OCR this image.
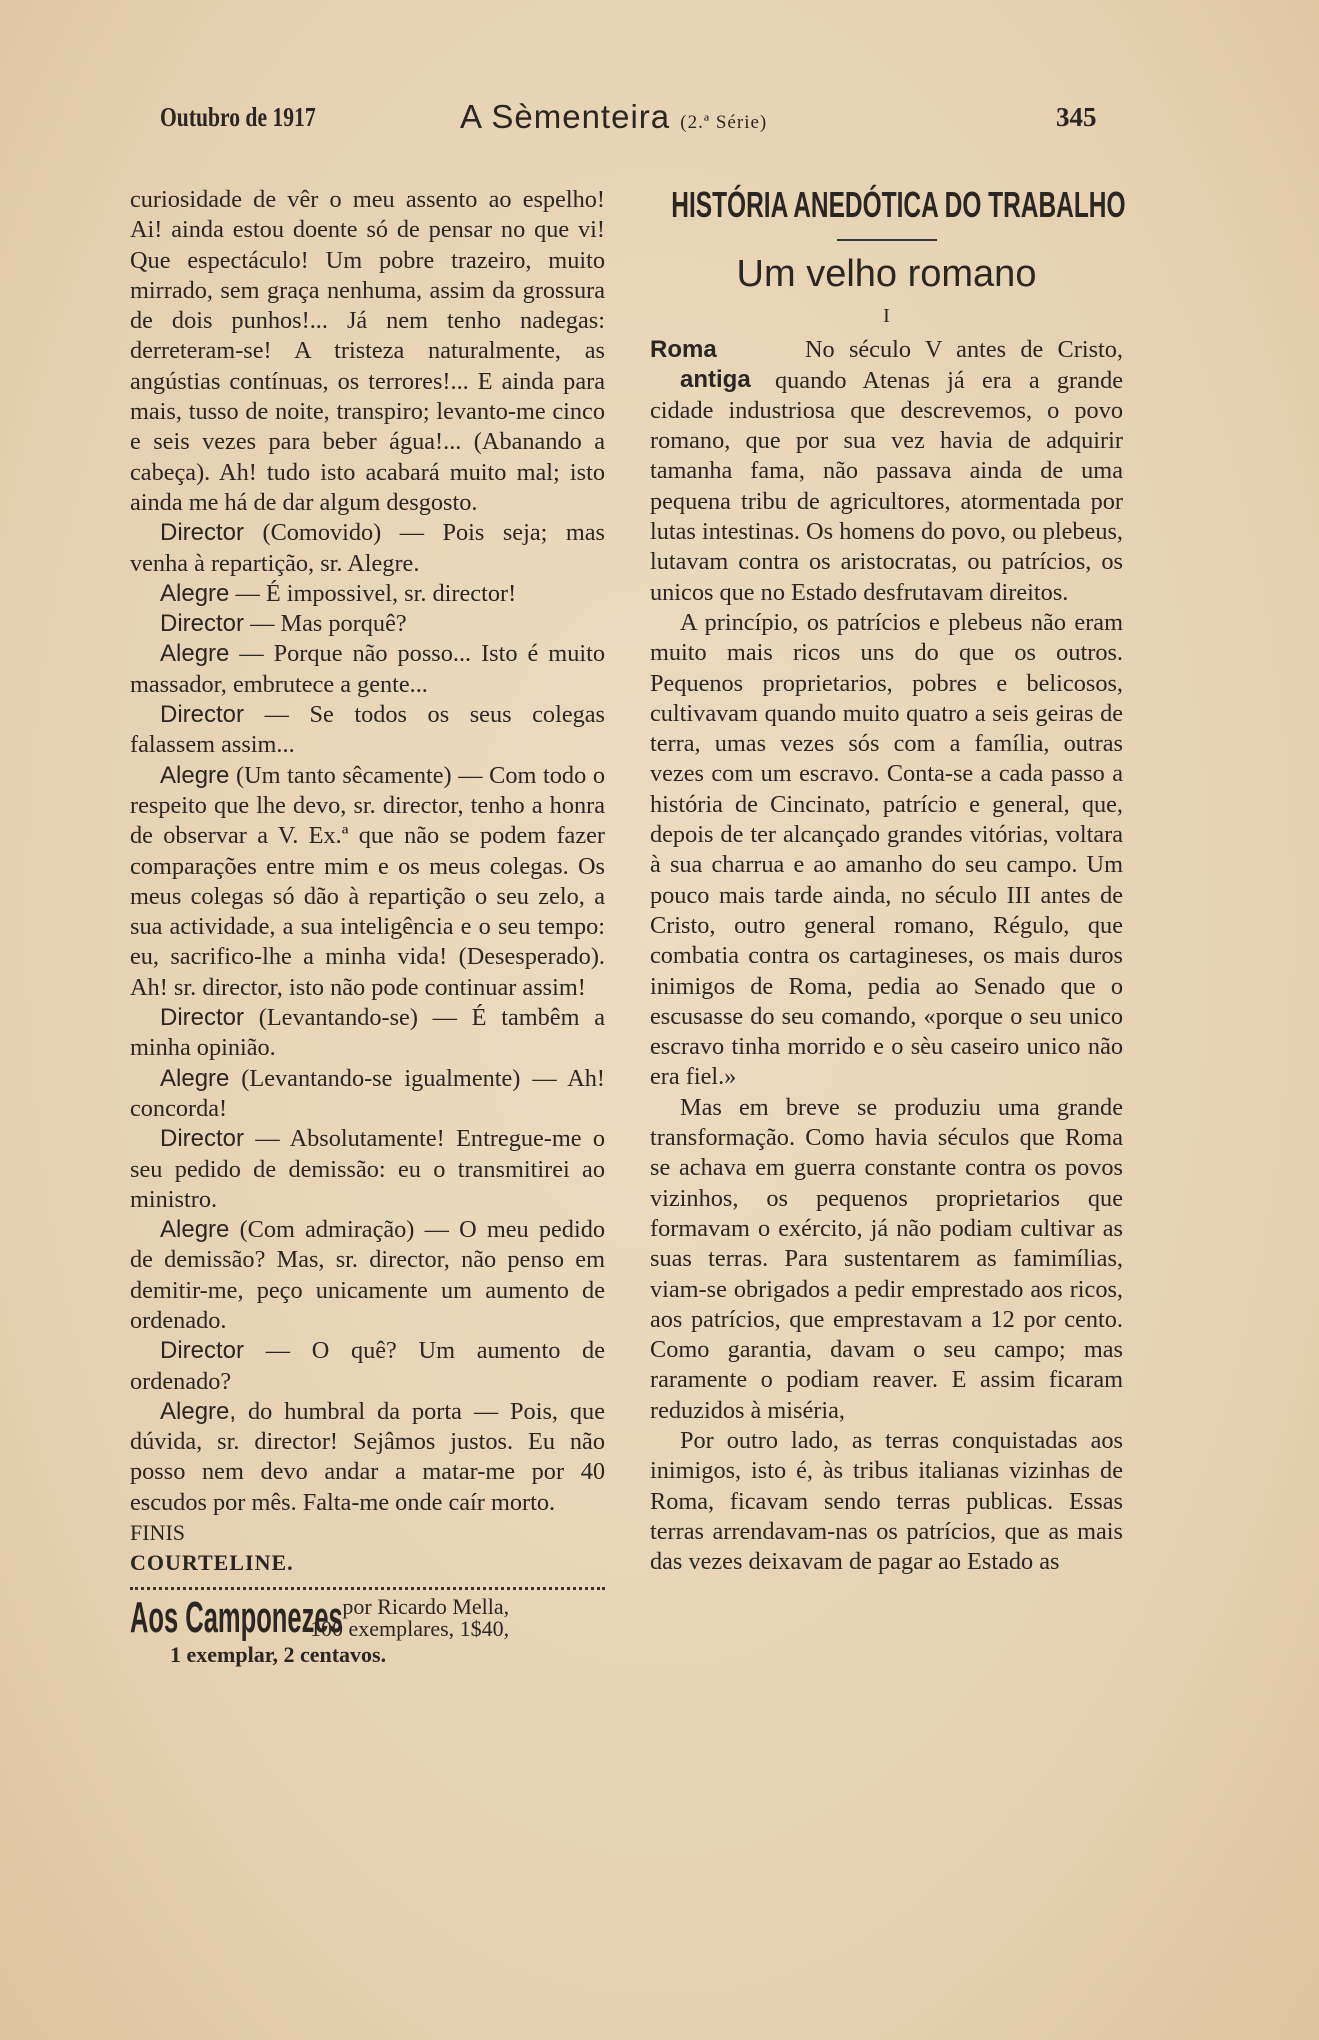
Outubro de 1917	A Sèmenteira (2.ª Série)	345

curiosidade de vêr o meu assento ao espelho! Ai! ainda estou doente só de pensar no que vi! Que espectáculo! Um pobre trazeiro, muito mirrado, sem graça nenhuma, assim da grossura de dois punhos!... Já nem tenho nadegas: derreteram-se! A tristeza naturalmente, as angústias contínuas, os terrores!... E ainda para mais, tusso de noite, transpiro; levanto-me cinco e seis vezes para beber água!... (Abanando a cabeça). Ah! tudo isto acabará muito mal; isto ainda me há de dar algum desgosto.

Director (Comovido) — Pois seja; mas venha à repartição, sr. Alegre.

Alegre — É impossivel, sr. director!

Director — Mas porquê?

Alegre — Porque não posso... Isto é muito massador, embrutece a gente...

Director — Se todos os seus colegas falassem assim...

Alegre (Um tanto sêcamente) — Com todo o respeito que lhe devo, sr. director, tenho a honra de observar a V. Ex.ª que não se podem fazer comparações entre mim e os meus colegas. Os meus colegas só dão à repartição o seu zelo, a sua actividade, a sua inteligência e o seu tempo: eu, sacrifico-lhe a minha vida! (Desesperado). Ah! sr. director, isto não pode continuar assim!

Director (Levantando-se) — É tambêm a minha opinião.

Alegre (Levantando-se igualmente) — Ah! concorda!

Director — Absolutamente! Entregue-me o seu pedido de demissão: eu o transmitirei ao ministro.

Alegre (Com admiração) — O meu pedido de demissão? Mas, sr. director, não penso em demitir-me, peço unicamente um aumento de ordenado.

Director — O quê? Um aumento de ordenado?

Alegre, do humbral da porta — Pois, que dúvida, sr. director! Sejâmos justos. Eu não posso nem devo andar a matar-me por 40 escudos por mês. Falta-me onde caír morto.

FINIS

COURTELINE.

Aos Camponezes por Ricardo Mella,
100 exemplares, 1$40,

1 exemplar, 2 centavos.

HISTÓRIA ANEDÓTICA DO TRABALHO
Um velho romano
I
Roma
antiga

No século V antes de Cristo, quando Atenas já era a grande cidade industriosa que descrevemos, o povo romano, que por sua vez havia de adquirir tamanha fama, não passava ainda de uma pequena tribu de agricultores, atormentada por lutas intestinas. Os homens do povo, ou plebeus, lutavam contra os aristocratas, ou patrícios, os unicos que no Estado desfrutavam direitos.

A princípio, os patrícios e plebeus não eram muito mais ricos uns do que os outros. Pequenos proprietarios, pobres e belicosos, cultivavam quando muito quatro a seis geiras de terra, umas vezes sós com a família, outras vezes com um escravo. Conta-se a cada passo a história de Cincinato, patrício e general, que, depois de ter alcançado grandes vitórias, voltara à sua charrua e ao amanho do seu campo. Um pouco mais tarde ainda, no século III antes de Cristo, outro general romano, Régulo, que combatia contra os cartagineses, os mais duros inimigos de Roma, pedia ao Senado que o escusasse do seu comando, «porque o seu unico escravo tinha morrido e o sèu caseiro unico não era fiel.»

Mas em breve se produziu uma grande transformação. Como havia séculos que Roma se achava em guerra constante contra os povos vizinhos, os pequenos proprietarios que formavam o exército, já não podiam cultivar as suas terras. Para sustentarem as famimílias, viam-se obrigados a pedir emprestado aos ricos, aos patrícios, que emprestavam a 12 por cento. Como garantia, davam o seu campo; mas raramente o podiam reaver. E assim ficaram reduzidos à miséria,

Por outro lado, as terras conquistadas aos inimigos, isto é, às tribus italianas vizinhas de Roma, ficavam sendo terras publicas. Essas terras arrendavam-nas os patrícios, que as mais das vezes deixavam de pagar ao Estado as
